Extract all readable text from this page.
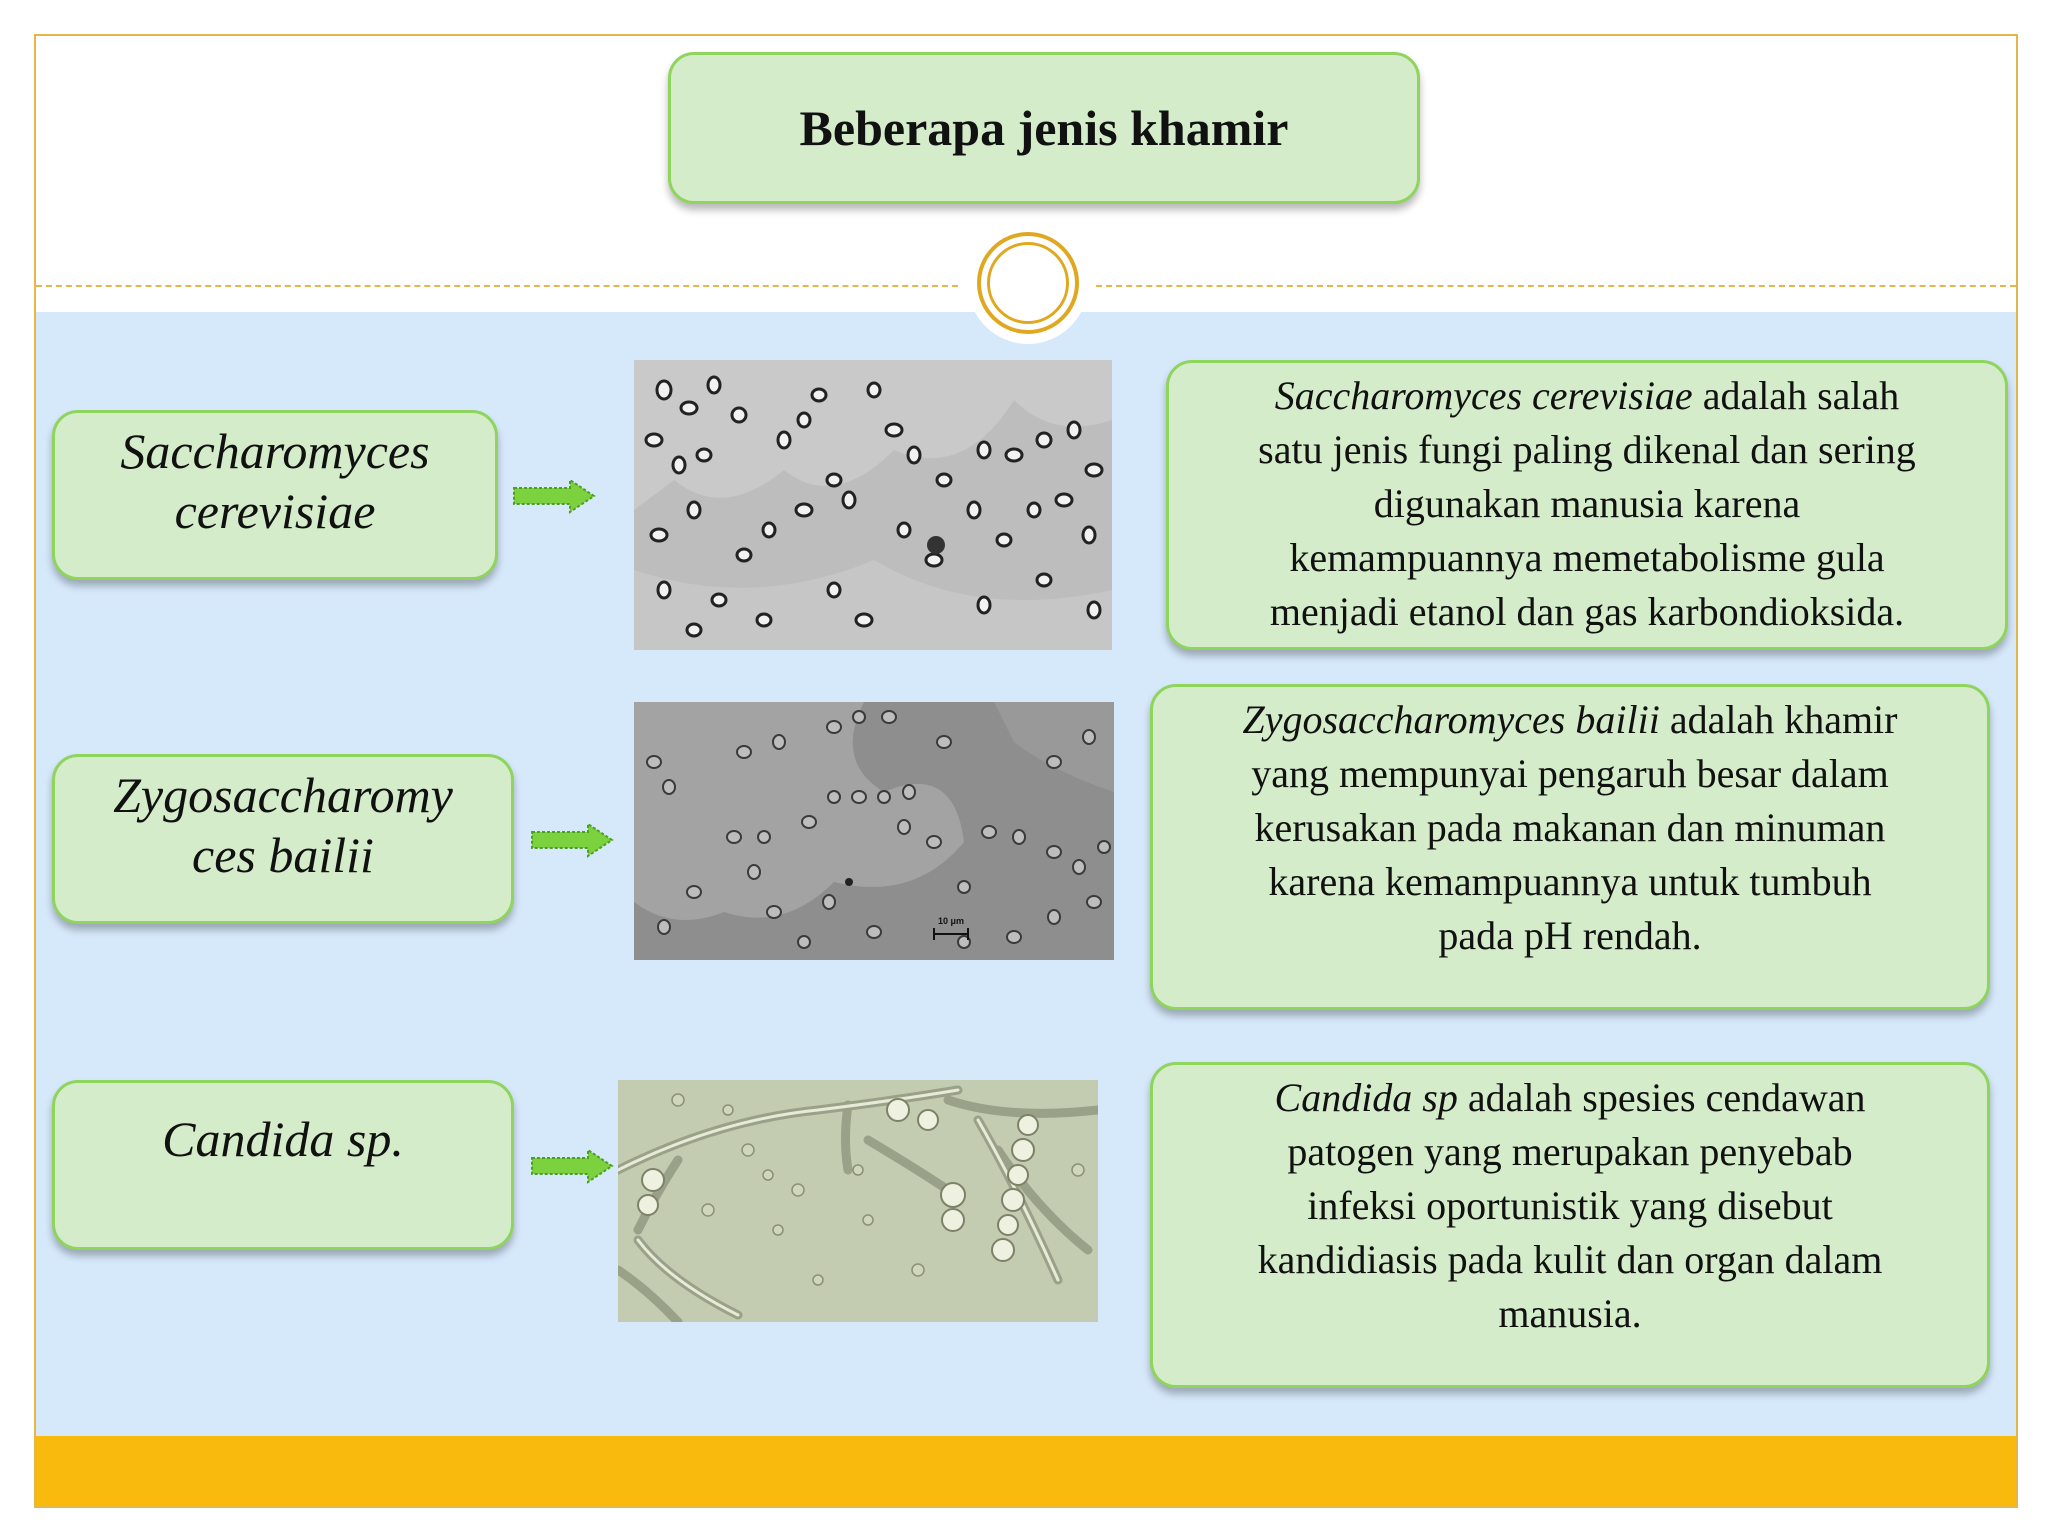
Beberapa jenis khamir
Saccharomyces
cerevisiae

Saccharomyces cerevisiae adalah salah

satu jenis fungi paling dikenal dan sering

digunakan manusia karena

kemampuannya memetabolisme gula

menjadi etanol dan gas karbondioksida.

Zygosaccharomy
ces bailii
10 μm

Zygosaccharomyces bailii adalah khamir

yang mempunyai pengaruh besar dalam

kerusakan pada makanan dan minuman

karena kemampuannya untuk tumbuh

pada pH rendah.

Candida sp.

Candida sp adalah spesies cendawan

patogen yang merupakan penyebab

infeksi oportunistik yang disebut

kandidiasis pada kulit dan organ dalam

manusia.
